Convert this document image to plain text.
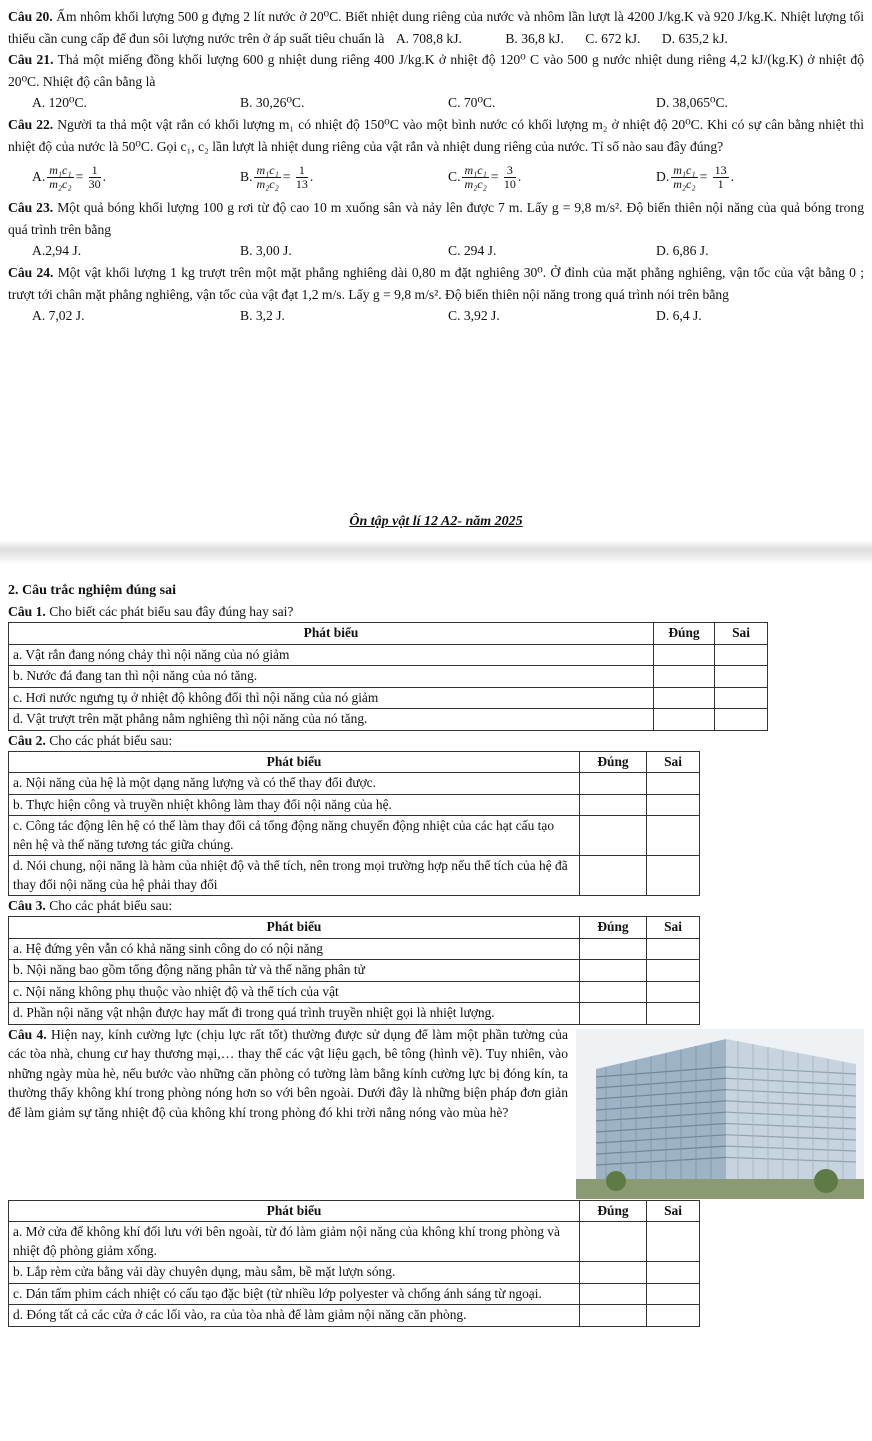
Câu 20. Ấm nhôm khối lượng 500 g đựng 2 lít nước ở 20⁰C. Biết nhiệt dung riêng của nước và nhôm lần lượt là 4200 J/kg.K và 920 J/kg.K. Nhiệt lượng tối thiểu cần cung cấp để đun sôi lượng nước trên ở áp suất tiêu chuẩn là A. 708,8 kJ.	B. 36,8 kJ. C. 672 kJ. D. 635,2 kJ.

Câu 21. Thả một miếng đồng khối lượng 600 g nhiệt dung riêng 400 J/kg.K ở nhiệt độ 120⁰ C vào 500 g nước nhiệt dung riêng 4,2 kJ/(kg.K) ở nhiệt độ 20⁰C. Nhiệt độ cân bằng là

A. 120⁰C.	B. 30,26⁰C.	C. 70⁰C.	D. 38,065⁰C.

Câu 22. Người ta thả một vật rắn có khối lượng m₁ có nhiệt độ 150⁰C vào một bình nước có khối lượng m₂ ở nhiệt độ 20⁰C. Khi có sự cân bằng nhiệt thì nhiệt độ của nước là 50⁰C. Gọi c₁, c₂ lần lượt là nhiệt dung riêng của vật rắn và nhiệt dung riêng của nước. Tỉ số nào sau đây đúng?

A. $\frac{\text{m₁c₁}}{\text{m₂c₂}} = \frac{1}{30}$ .	B. $\frac{\text{m₁c₁}}{\text{m₂c₂}} = \frac{1}{13}$ .	C. $\frac{\text{m₁c₁}}{\text{m₂c₂}} = \frac{3}{10}$ .	D. $\frac{\text{m₁c₁}}{\text{m₂c₂}} = \frac{13}{1}$ .

Câu 23. Một quả bóng khối lượng 100 g rơi từ độ cao 10 m xuống sân và nảy lên được 7 m. Lấy g = 9,8 m/s². Độ biến thiên nội năng của quả bóng trong quá trình trên bằng

A.2,94 J.	B. 3,00 J.	C. 294 J.	D. 6,86 J.

Câu 24. Một vật khối lượng 1 kg trượt trên một mặt phẳng nghiêng dài 0,80 m đặt nghiêng 30⁰. Ở đỉnh của mặt phẳng nghiêng, vận tốc của vật bằng 0 ; trượt tới chân mặt phẳng nghiêng, vận tốc của vật đạt 1,2 m/s. Lấy g = 9,8 m/s². Độ biến thiên nội năng trong quá trình nói trên bằng

A. 7,02 J.	B. 3,2 J.	C. 3,92 J.	D. 6,4 J.
Ôn tập vật lí 12 A2- năm 2025

2. Câu trắc nghiệm đúng sai

Câu 1. Cho biết các phát biểu sau đây đúng hay sai?

Phát biểu	Đúng	Sai
a. Vật rắn đang nóng chảy thì nội năng của nó giảm		
b. Nước đá đang tan thì nội năng của nó tăng.		
c. Hơi nước ngưng tụ ở nhiệt độ không đổi thì nội năng của nó giảm		
d. Vật trượt trên mặt phẳng nằm nghiêng thì nội năng của nó tăng.		

Câu 2. Cho các phát biểu sau:

Phát biểu	Đúng	Sai
a. Nội năng của hệ là một dạng năng lượng và có thể thay đổi được.		
b. Thực hiện công và truyền nhiệt không làm thay đổi nội năng của hệ.		
c. Công tác động lên hệ có thể làm thay đổi cả tổng động năng chuyển động nhiệt của các hạt cấu tạo nên hệ và thế năng tương tác giữa chúng.		
d. Nói chung, nội năng là hàm của nhiệt độ và thể tích, nên trong mọi trường hợp nếu thể tích của hệ đã thay đổi nội năng của hệ phải thay đổi		

Câu 3. Cho các phát biểu sau:

Phát biểu	Đúng	Sai
a. Hệ đứng yên vẫn có khả năng sinh công do có nội năng		
b. Nội năng bao gồm tổng động năng phân tử và thế năng phân tử		
c. Nội năng không phụ thuộc vào nhiệt độ và thể tích của vật		
d. Phần nội năng vật nhận được hay mất đi trong quá trình truyền nhiệt gọi là nhiệt lượng.		

Câu 4. Hiện nay, kính cường lực (chịu lực rất tốt) thường được sử dụng để làm một phần tường của các tòa nhà, chung cư hay thương mại,… thay thế các vật liệu gạch, bê tông (hình vẽ). Tuy nhiên, vào những ngày mùa hè, nếu bước vào những căn phòng có tường làm bằng kính cường lực bị đóng kín, ta thường thấy không khí trong phòng nóng hơn so với bên ngoài. Dưới đây là những biện pháp đơn giản để làm giảm sự tăng nhiệt độ của không khí trong phòng đó khi trời nắng nóng vào mùa hè?

Phát biểu	Đúng	Sai
a. Mở cửa để không khí đối lưu với bên ngoài, từ đó làm giảm nội năng của không khí trong phòng và nhiệt độ phòng giảm xống.		
b. Lắp rèm cửa bằng vải dày chuyên dụng, màu sẫm, bề mặt lượn sóng.		
c. Dán tấm phim cách nhiệt có cấu tạo đặc biệt (từ nhiều lớp polyester và chống ánh sáng từ ngoại.		
d. Đóng tất cả các cửa ở các lối vào, ra của tòa nhà để làm giảm nội năng căn phòng.		
